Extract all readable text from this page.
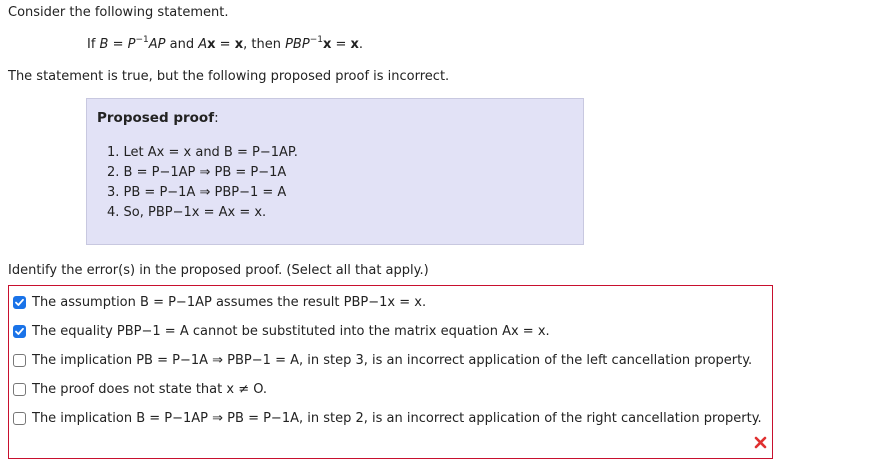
Consider the following statement.
If $B = P^{-1}AP$ and Ax = x, then $PBP^{-1}x = x$.
The statement is true, but the following proposed proof is incorrect.
Proposed proof:
1. Let Ax = x and B = P−1AP.
2. B = P−1AP ⇒ PB = P−1A
3. PB = P−1A ⇒ PBP−1 = A
4. So, PBP−1x = Ax = x.
Identify the error(s) in the proposed proof. (Select all that apply.)
The assumption B = P−1AP assumes the result PBP−1x = x.
The equality PBP−1 = A cannot be substituted into the matrix equation Ax = x.
The implication PB = P−1A ⇒ PBP−1 = A, in step 3, is an incorrect application of the left cancellation property.
The proof does not state that x ≠ O.
The implication B = P−1AP ⇒ PB = P−1A, in step 2, is an incorrect application of the right cancellation property.
